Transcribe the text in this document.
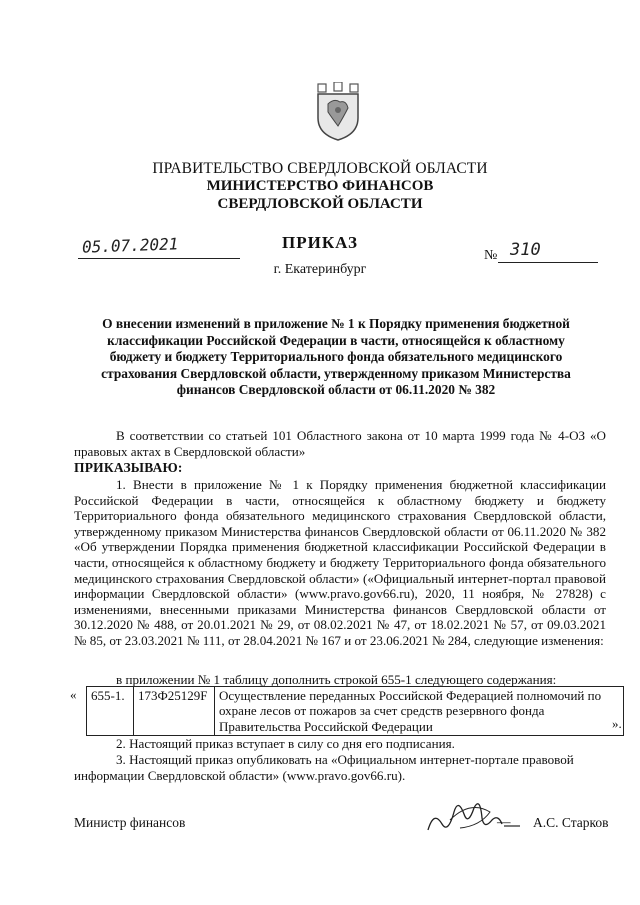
ПРАВИТЕЛЬСТВО СВЕРДЛОВСКОЙ ОБЛАСТИ
МИНИСТЕРСТВО ФИНАНСОВ
СВЕРДЛОВСКОЙ ОБЛАСТИ
ПРИКАЗ
05.07.2021	№ 310
г. Екатеринбург
О внесении изменений в приложение № 1 к Порядку применения бюджетной классификации Российской Федерации в части, относящейся к областному бюджету и бюджету Территориального фонда обязательного медицинского страхования Свердловской области, утвержденному приказом Министерства финансов Свердловской области от 06.11.2020 № 382
В соответствии со статьей 101 Областного закона от 10 марта 1999 года № 4-ОЗ «О правовых актах в Свердловской области»
ПРИКАЗЫВАЮ:
1. Внести в приложение № 1 к Порядку применения бюджетной классификации Российской Федерации в части, относящейся к областному бюджету и бюджету Территориального фонда обязательного медицинского страхования Свердловской области, утвержденному приказом Министерства финансов Свердловской области от 06.11.2020 № 382 «Об утверждении Порядка применения бюджетной классификации Российской Федерации в части, относящейся к областному бюджету и бюджету Территориального фонда обязательного медицинского страхования Свердловской области» («Официальный интернет-портал правовой информации Свердловской области» (www.pravo.gov66.ru), 2020, 11 ноября, № 27828) с изменениями, внесенными приказами Министерства финансов Свердловской области от 30.12.2020 № 488, от 20.01.2021 № 29, от 08.02.2021 № 47, от 18.02.2021 № 57, от 09.03.2021 № 85, от 23.03.2021 № 111, от 28.04.2021 № 167 и от 23.06.2021 № 284, следующие изменения:
в приложении № 1 таблицу дополнить строкой 655-1 следующего содержания:
« 655-1.	173Ф25129F	Осуществление переданных Российской Федерацией полномочий по охране лесов от пожаров за счет средств резервного фонда Правительства Российской Федерации	».
2. Настоящий приказ вступает в силу со дня его подписания.
3. Настоящий приказ опубликовать на «Официальном интернет-портале правовой информации Свердловской области» (www.pravo.gov66.ru).
Министр финансов	А.С. Старков
—
